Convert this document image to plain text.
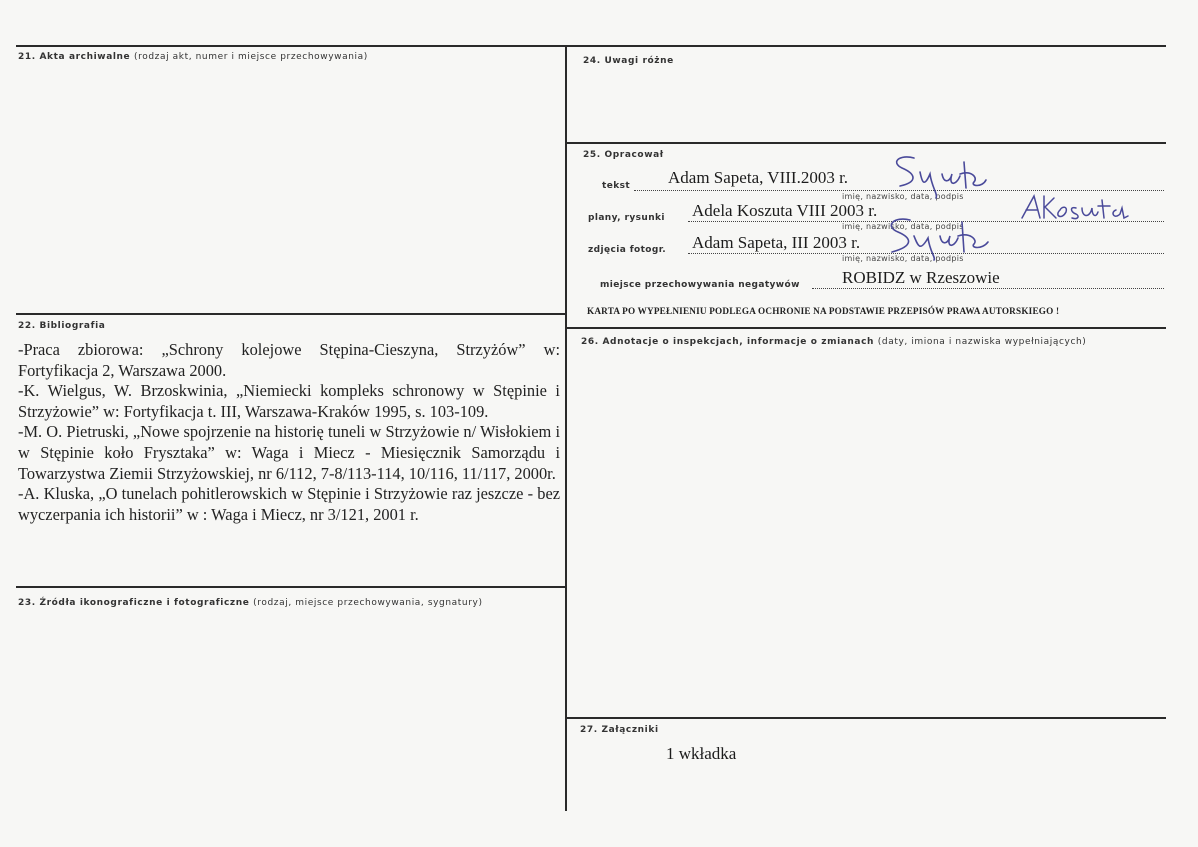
21. Akta archiwalne (rodzaj akt, numer i miejsce przechowywania)
22. Bibliografia

-Praca zbiorowa: „Schrony kolejowe Stępina-Cieszyna, Strzyżów” w: Fortyfikacja 2, Warszawa 2000.

-K. Wielgus, W. Brzoskwinia, „Niemiecki kompleks schronowy w Stępinie i Strzyżowie” w: Fortyfikacja t. III, Warszawa-Kraków 1995, s. 103-109.

-M. O. Pietruski, „Nowe spojrzenie na historię tuneli w Strzyżowie n/ Wisłokiem i w Stępinie koło Frysztaka” w: Waga i Miecz - Miesięcznik Samorządu i Towarzystwa Ziemii Strzyżowskiej, nr 6/112, 7-8/113-114, 10/116, 11/117, 2000r.

-A. Kluska, „O tunelach pohitlerowskich w Stępinie i Strzyżowie raz jeszcze - bez wyczerpania ich historii” w : Waga i Miecz, nr 3/121, 2001 r.

23. Źródła ikonograficzne i fotograficzne (rodzaj, miejsce przechowywania, sygnatury)
24. Uwagi różne
25. Opracował
tekst Adam Sapeta, VIII.2003 r.
imię, nazwisko, data, podpis
plany, rysunki Adela Koszuta VIII 2003 r.
imię, nazwisko, data, podpis
zdjęcia fotogr. Adam Sapeta, III 2003 r.
imię, nazwisko, data, podpis
miejsce przechowywania negatywów ROBIDZ w Rzeszowie
KARTA PO WYPEŁNIENIU PODLEGA OCHRONIE NA PODSTAWIE PRZEPISÓW PRAWA AUTORSKIEGO !
26. Adnotacje o inspekcjach, informacje o zmianach (daty, imiona i nazwiska wypełniających)
27. Załączniki
1 wkładka
